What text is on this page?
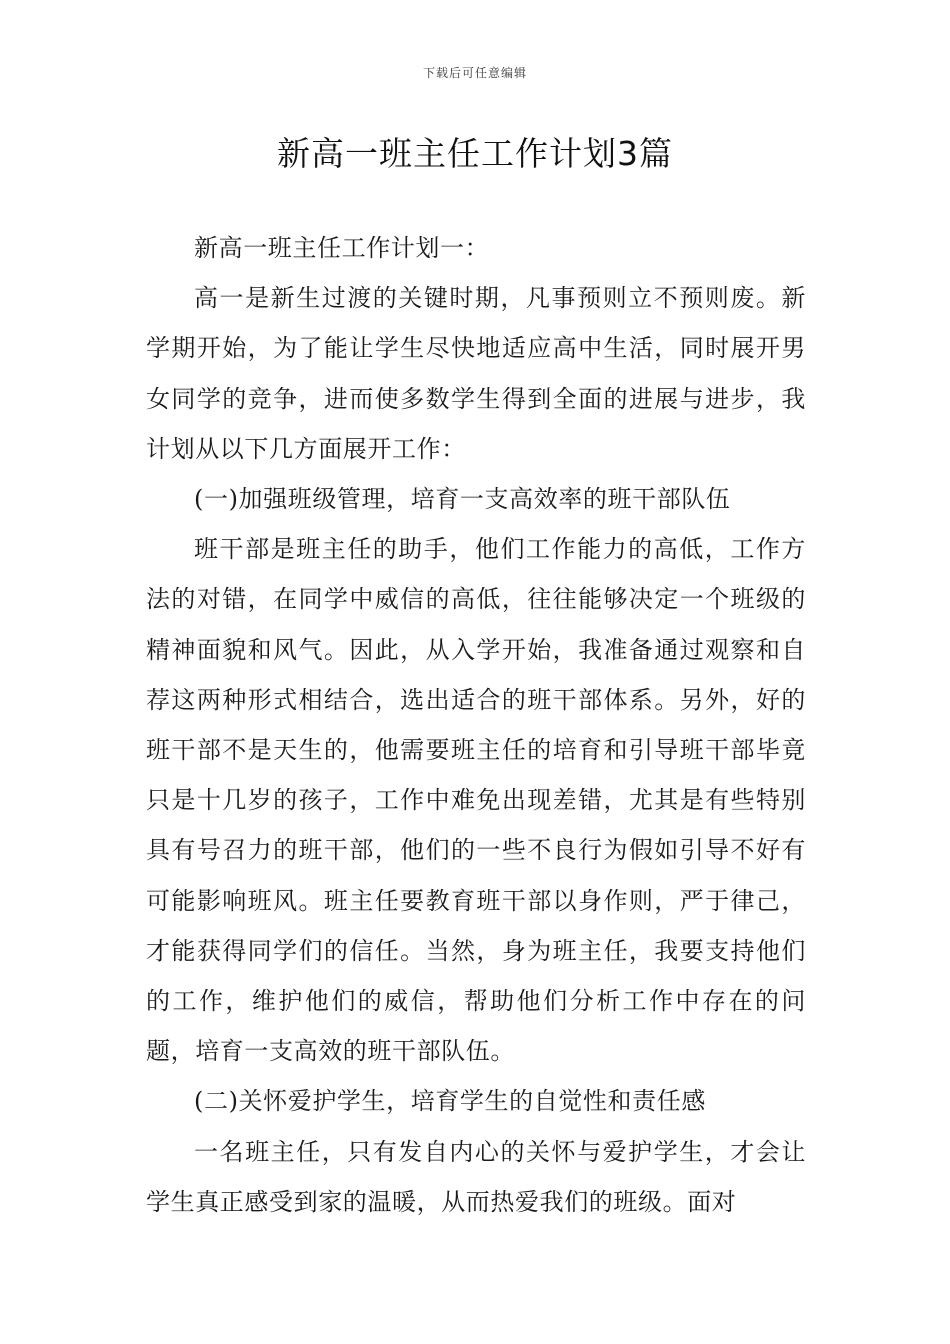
下载后可任意编辑
新高一班主任工作计划3篇

新高一班主任工作计划一：

高一是新生过渡的关键时期，凡事预则立不预则废。新学期开始，为了能让学生尽快地适应高中生活，同时展开男女同学的竞争，进而使多数学生得到全面的进展与进步，我计划从以下几方面展开工作：

(一)加强班级管理，培育一支高效率的班干部队伍

班干部是班主任的助手，他们工作能力的高低，工作方法的对错，在同学中威信的高低，往往能够决定一个班级的精神面貌和风气。因此，从入学开始，我准备通过观察和自荐这两种形式相结合，选出适合的班干部体系。另外，好的班干部不是天生的，他需要班主任的培育和引导班干部毕竟只是十几岁的孩子，工作中难免出现差错，尤其是有些特别具有号召力的班干部，他们的一些不良行为假如引导不好有可能影响班风。班主任要教育班干部以身作则，严于律己，才能获得同学们的信任。当然，身为班主任，我要支持他们的工作，维护他们的威信，帮助他们分析工作中存在的问题，培育一支高效的班干部队伍。

(二)关怀爱护学生，培育学生的自觉性和责任感

一名班主任，只有发自内心的关怀与爱护学生，才会让学生真正感受到家的温暖，从而热爱我们的班级。面对
